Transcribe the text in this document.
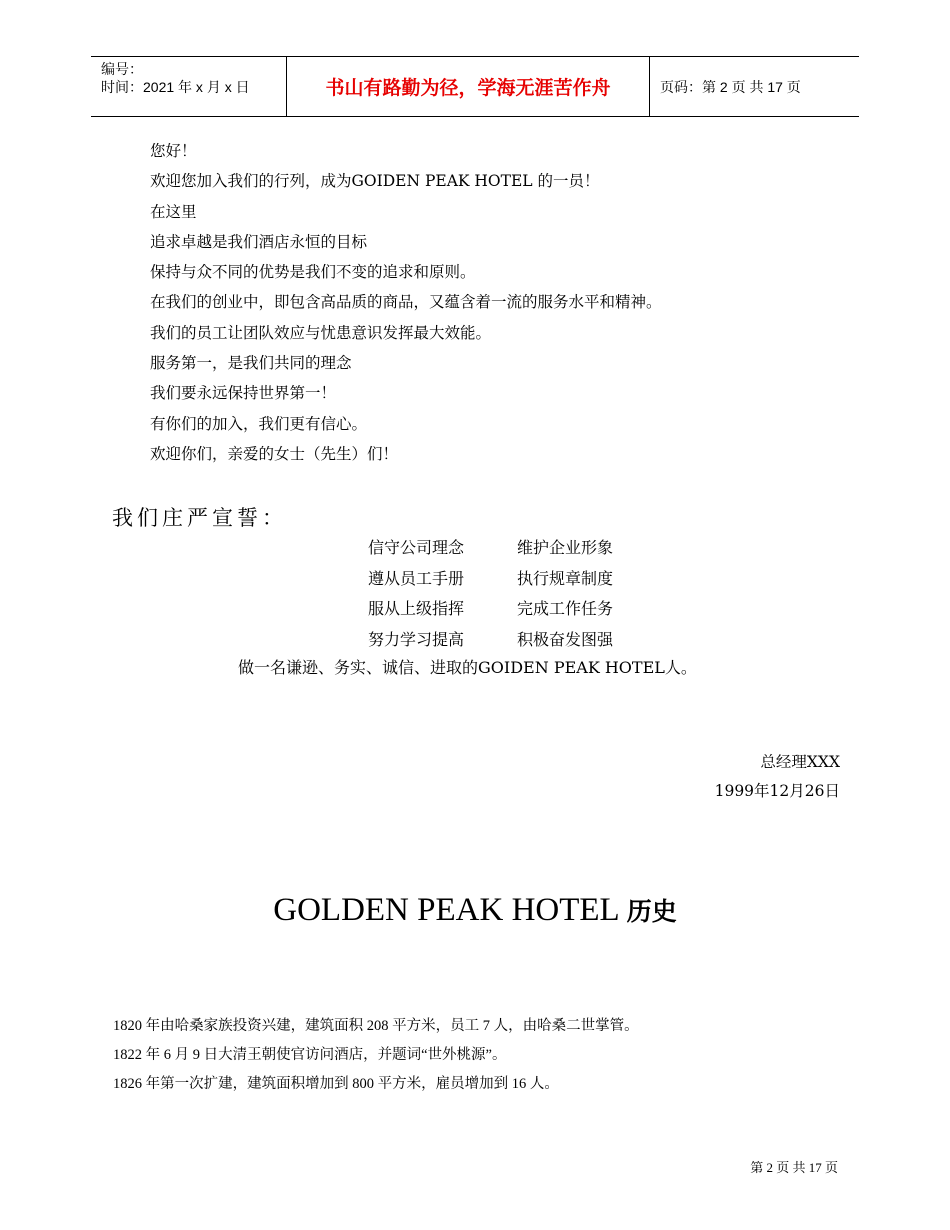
编号：
时间：2021 年 x 月 x 日	书山有路勤为径，学海无涯苦作舟	页码：第 2 页 共 17 页
您好！
欢迎您加入我们的行列，成为GOIDEN PEAK HOTEL 的一员！
在这里
追求卓越是我们酒店永恒的目标
保持与众不同的优势是我们不变的追求和原则。
在我们的创业中，即包含高品质的商品，又蕴含着一流的服务水平和精神。
我们的员工让团队效应与忧患意识发挥最大效能。
服务第一，是我们共同的理念
我们要永远保持世界第一！
有你们的加入，我们更有信心。
欢迎你们，亲爱的女士（先生）们！
我们庄严宣誓：
信守公司理念	维护企业形象
遵从员工手册	执行规章制度
服从上级指挥	完成工作任务
努力学习提高	积极奋发图强
做一名谦逊、务实、诚信、进取的GOIDEN PEAK HOTEL人。
总经理XXX
1999年12月26日
GOLDEN PEAK HOTEL 历史
1820 年由哈桑家族投资兴建，建筑面积 208 平方米，员工 7 人，由哈桑二世掌管。
1822 年 6 月 9 日大清王朝使官访问酒店，并题词“世外桃源”。
1826 年第一次扩建，建筑面积增加到 800 平方米，雇员增加到 16 人。
第 2 页 共 17 页
